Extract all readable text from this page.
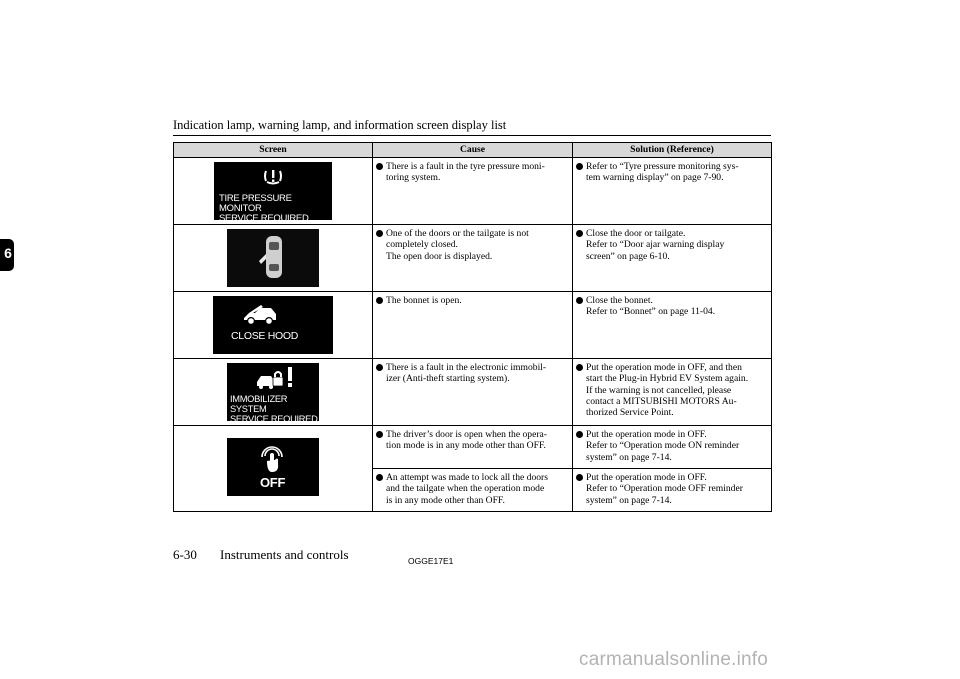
Indication lamp, warning lamp, and information screen display list
6
Screen	Cause	Solution (Reference)

TIRE PRESSURE MONITOR
SERVICE REQUIRED	There is a fault in the tyre pressure moni-
toring system.	Refer to “Tyre pressure monitoring sys-
tem warning display” on page 7-90.

One of the doors or the tailgate is not
completely closed.
The open door is displayed.	Close the door or tailgate.
Refer to “Door ajar warning display
screen” on page 6-10.

CLOSE HOOD	The bonnet is open.	Close the bonnet.
Refer to “Bonnet” on page 11-04.

IMMOBILIZER SYSTEM
SERVICE REQUIRED	There is a fault in the electronic immobil-
izer (Anti-theft starting system).	Put the operation mode in OFF, and then
start the Plug-in Hybrid EV System again.
If the warning is not cancelled, please
contact a MITSUBISHI MOTORS Au-
thorized Service Point.

OFF	The driver’s door is open when the opera-
tion mode is in any mode other than OFF.	Put the operation mode in OFF.
Refer to “Operation mode ON reminder
system” on page 7-14.

	An attempt was made to lock all the doors
and the tailgate when the operation mode
is in any mode other than OFF.	Put the operation mode in OFF.
Refer to “Operation mode OFF reminder
system” on page 7-14.
6-30 Instruments and controls	OGGE17E1
carmanualsonline.info
